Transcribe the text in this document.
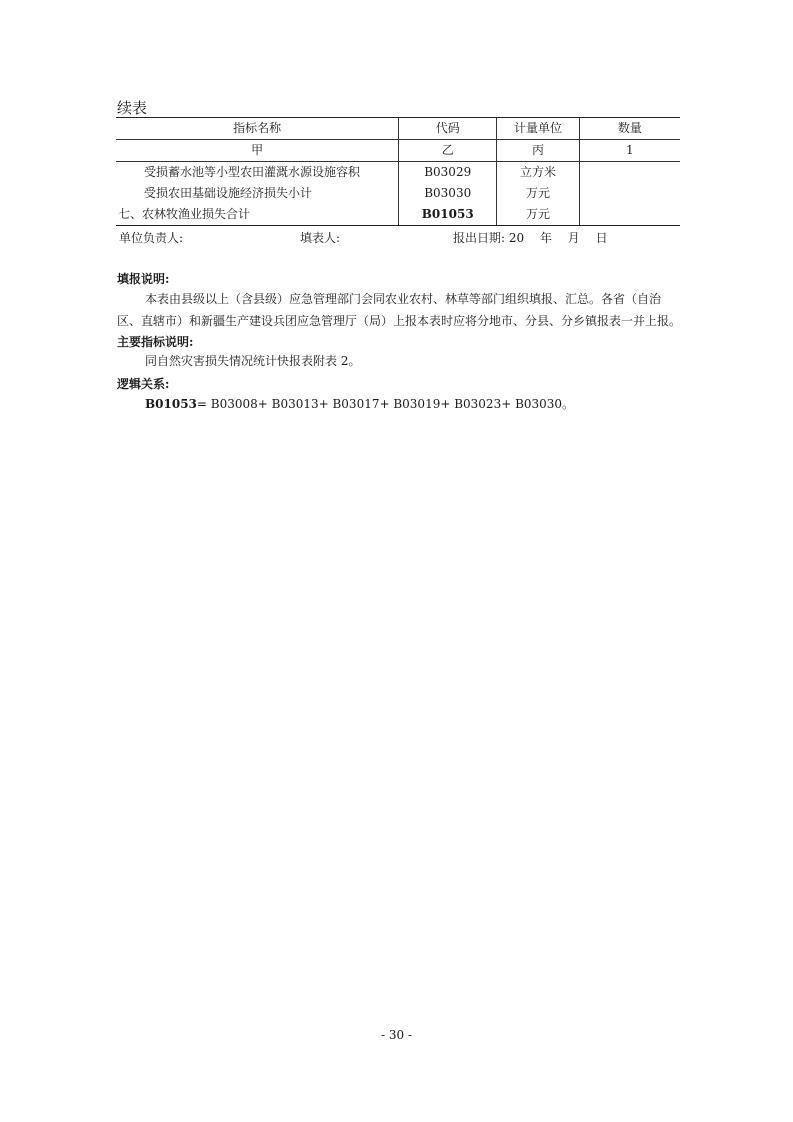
续表
指标名称	代码	计量单位	数量
甲	乙	丙	1
受损蓄水池等小型农田灌溉水源设施容积	B03029	立方米	
受损农田基础设施经济损失小计	B03030	万元	
七、农林牧渔业损失合计	B01053	万元	
单位负责人:	填表人:	报出日期: 20　 年　 月　 日
填报说明:
本表由县级以上（含县级）应急管理部门会同农业农村、林草等部门组织填报、汇总。各省（自治区、直辖市）和新疆生产建设兵团应急管理厅（局）上报本表时应将分地市、分县、分乡镇报表一并上报。
主要指标说明:
同自然灾害损失情况统计快报表附表 2。
逻辑关系:
B01053= B03008+ B03013+ B03017+ B03019+ B03023+ B03030。
- 30 -
